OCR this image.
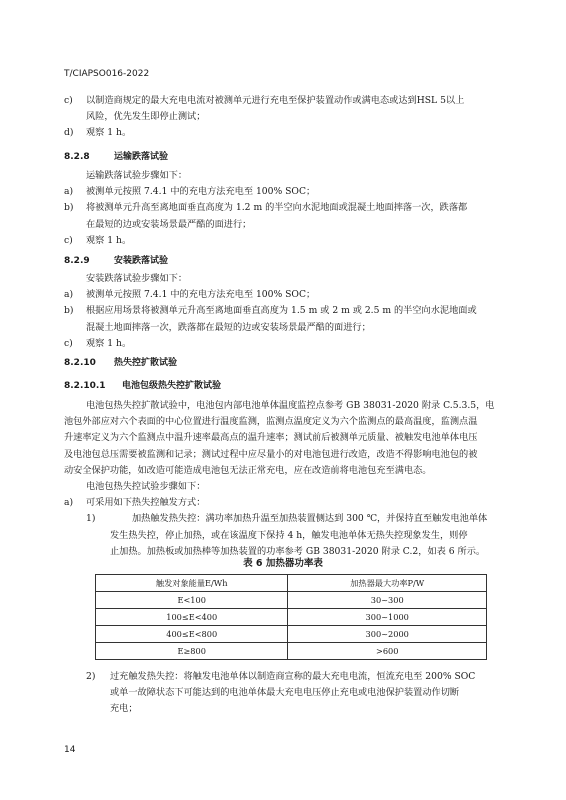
T/CIAPSO016-2022
c)	以制造商规定的最大充电电流对被测单元进行充电至保护装置动作或满电态或达到HSL 5以上
风险，优先发生即停止测试；
d)	观察 1 h。
8.2.8	运输跌落试验
运输跌落试验步骤如下：
a)	被测单元按照 7.4.1 中的充电方法充电至 100% SOC；
b)	将被测单元升高至离地面垂直高度为 1.2 m 的半空向水泥地面或混凝土地面摔落一次，跌落都
在最短的边或安装场景最严酷的面进行；
c)	观察 1 h。
8.2.9	安装跌落试验
安装跌落试验步骤如下：
a)	被测单元按照 7.4.1 中的充电方法充电至 100% SOC；
b)	根据应用场景将被测单元升高至离地面垂直高度为 1.5 m 或 2 m 或 2.5 m 的半空向水泥地面或
混凝土地面摔落一次，跌落都在最短的边或安装场景最严酷的面进行；
c)	观察 1 h。
8.2.10 热失控扩散试验
8.2.10.1 电池包级热失控扩散试验
电池包热失控扩散试验中，电池包内部电池单体温度监控点参考 GB 38031-2020 附录 C.5.3.5，电
池包外部应对六个表面的中心位置进行温度监测，监测点温度定义为六个监测点的最高温度，监测点温
升速率定义为六个监测点中温升速率最高点的温升速率；测试前后被测单元质量、被触发电池单体电压
及电池包总压需要被监测和记录；测试过程中应尽量小的对电池包进行改造，改造不得影响电池包的被
动安全保护功能，如改造可能造成电池包无法正常充电，应在改造前将电池包充至满电态。
电池包热失控试验步骤如下：
a)	可采用如下热失控触发方式：
1)	加热触发热失控：满功率加热升温至加热装置侧达到 300 ℃，并保持直至触发电池单体
发生热失控，停止加热，或在该温度下保持 4 h，触发电池单体无热失控现象发生，则停
止加热。加热板或加热棒等加热装置的功率参考 GB 38031-2020 附录 C.2，如表 6 所示。
表 6 加热器功率表
触发对象能量E/Wh	加热器最大功率P/W
E<100	30~300
100≤E<400	300~1000
400≤E<800	300~2000
E≥800	>600
2)	过充触发热失控：将触发电池单体以制造商宣称的最大充电电流，恒流充电至 200% SOC
或单一故障状态下可能达到的电池单体最大充电电压停止充电或电池保护装置动作切断
充电；
14
